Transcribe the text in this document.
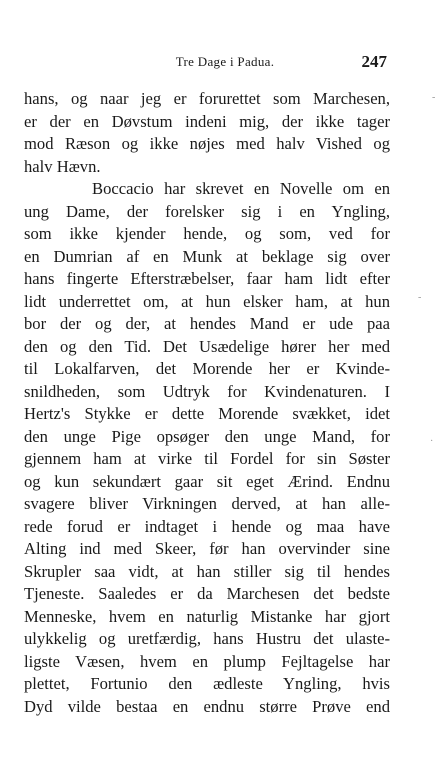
Tre Dage i Padua.	247
hans, og naar jeg er forurettet som Marchesen,
er der en Døvstum indeni mig, der ikke tager
mod Ræson og ikke nøjes med halv Vished og
halv Hævn.
Boccacio har skrevet en Novelle om en
ung Dame, der forelsker sig i en Yngling,
som ikke kjender hende, og som, ved for
en Dumrian af en Munk at beklage sig over
hans fingerte Efterstræbelser, faar ham lidt efter
lidt underrettet om, at hun elsker ham, at hun
bor der og der, at hendes Mand er ude paa
den og den Tid. Det Usædelige hører her med
til Lokalfarven, det Morende her er Kvinde-
snildheden, som Udtryk for Kvindenaturen. I
Hertz's Stykke er dette Morende svækket, idet
den unge Pige opsøger den unge Mand, for
gjennem ham at virke til Fordel for sin Søster
og kun sekundært gaar sit eget Ærind. Endnu
svagere bliver Virkningen derved, at han alle-
rede forud er indtaget i hende og maa have
Alting ind med Skeer, før han overvinder sine
Skrupler saa vidt, at han stiller sig til hendes
Tjeneste. Saaledes er da Marchesen det bedste
Menneske, hvem en naturlig Mistanke har gjort
ulykkelig og uretfærdig, hans Hustru det ulaste-
ligste Væsen, hvem en plump Fejltagelse har
plettet, Fortunio den ædleste Yngling, hvis
Dyd vilde bestaa en endnu større Prøve end
-
-
·
